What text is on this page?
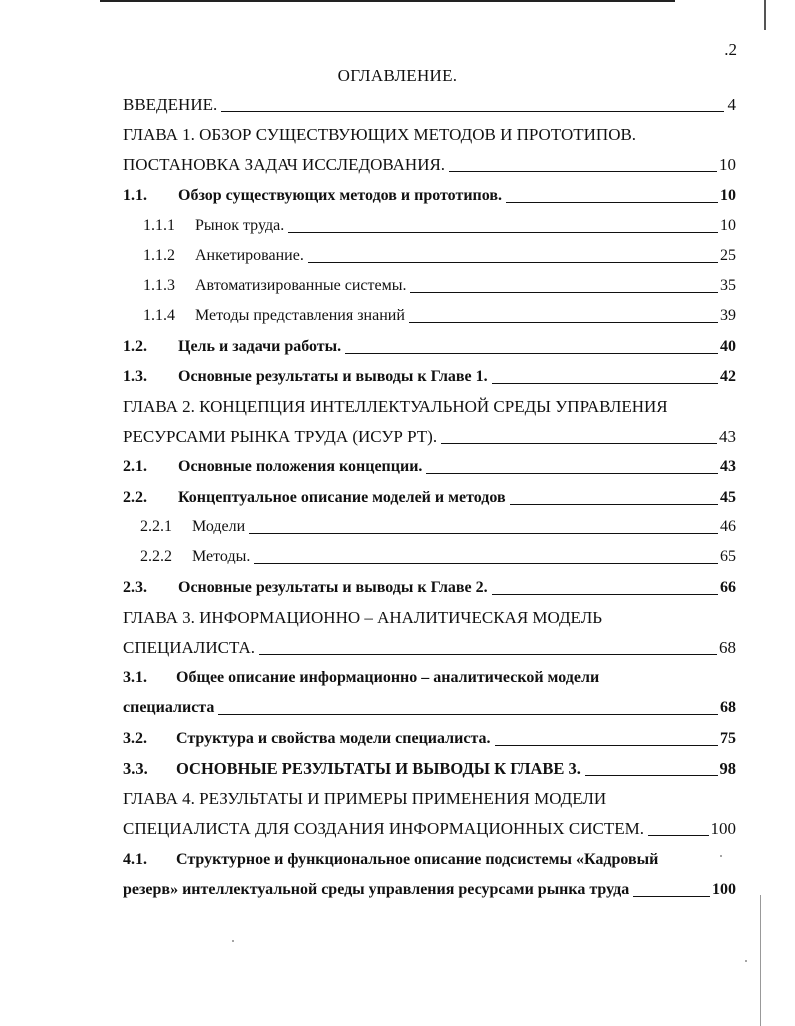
.2
ОГЛАВЛЕНИЕ.
ВВЕДЕНИЕ.	4
ГЛАВА 1. ОБЗОР СУЩЕСТВУЮЩИХ МЕТОДОВ И ПРОТОТИПОВ.
ПОСТАНОВКА ЗАДАЧ ИССЛЕДОВАНИЯ.	10
1.1.	Обзор существующих методов и прототипов.	10
1.1.1	Рынок труда.	10
1.1.2	Анкетирование.	25
1.1.3	Автоматизированные системы.	35
1.1.4	Методы представления знаний	39
1.2.	Цель и задачи работы.	40
1.3.	Основные результаты и выводы к Главе 1.	42
ГЛАВА 2. КОНЦЕПЦИЯ ИНТЕЛЛЕКТУАЛЬНОЙ СРЕДЫ УПРАВЛЕНИЯ
РЕСУРСАМИ РЫНКА ТРУДА (ИСУР РТ).	43
2.1.	Основные положения концепции.	43
2.2.	Концептуальное описание моделей и методов	45
2.2.1	Модели	46
2.2.2	Методы.	65
2.3.	Основные результаты и выводы к Главе 2.	66
ГЛАВА 3. ИНФОРМАЦИОННО – АНАЛИТИЧЕСКАЯ МОДЕЛЬ
СПЕЦИАЛИСТА.	68
3.1. Общее описание информационно – аналитической модели
специалиста	68
3.2.	Структура и свойства модели специалиста.	75
3.3.	ОСНОВНЫЕ РЕЗУЛЬТАТЫ И ВЫВОДЫ К ГЛАВЕ 3.	98
ГЛАВА 4. РЕЗУЛЬТАТЫ И ПРИМЕРЫ ПРИМЕНЕНИЯ МОДЕЛИ
СПЕЦИАЛИСТА ДЛЯ СОЗДАНИЯ ИНФОРМАЦИОННЫХ СИСТЕМ.	100
4.1. Структурное и функциональное описание подсистемы «Кадровый
резерв» интеллектуальной среды управления ресурсами рынка труда	100
